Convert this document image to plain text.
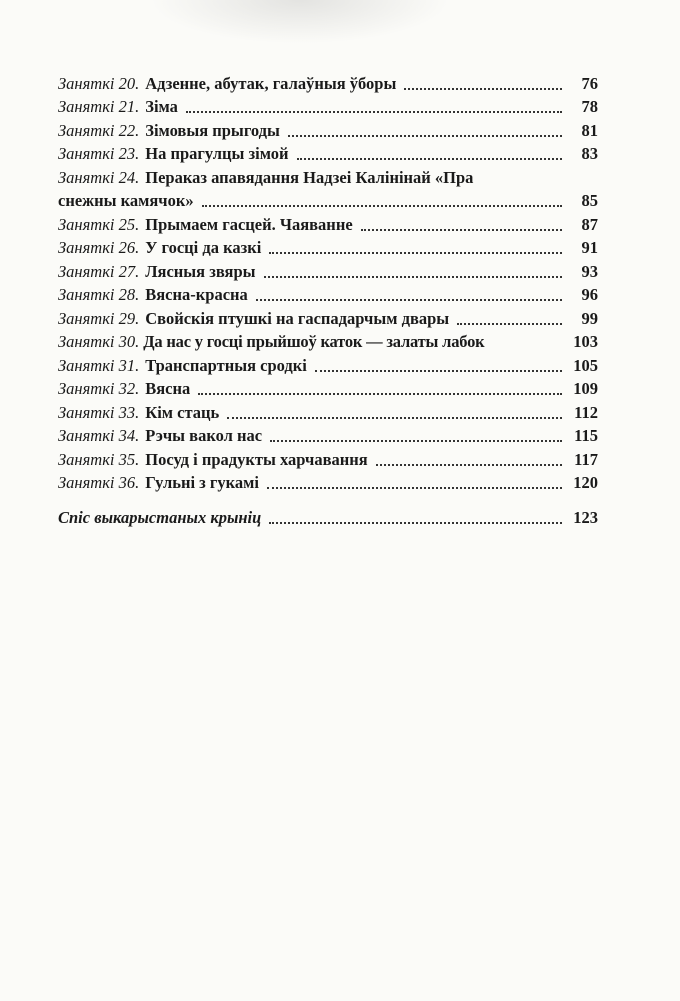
Заняткі 20. Адзенне, абутак, галаўныя ўборы	76
Заняткі 21. Зіма	78
Заняткі 22. Зімовыя прыгоды	81
Заняткі 23. На прагулцы зімой	83
Заняткі 24. Пераказ апавядання Надзеі Калінінай «Пра
снежны камячок»	85
Заняткі 25. Прымаем гасцей. Чаяванне	87
Заняткі 26. У госці да казкі	91
Заняткі 27. Лясныя звяры	93
Заняткі 28. Вясна-красна	96
Заняткі 29. Свойскія птушкі на гаспадарчым двары	99
Заняткі 30. Да нас у госці прыйшоў каток — залаты лабок	103
Заняткі 31. Транспартныя сродкі	105
Заняткі 32. Вясна	109
Заняткі 33. Кім стаць	112
Заняткі 34. Рэчы вакол нас	115
Заняткі 35. Посуд і прадукты харчавання	117
Заняткі 36. Гульні з гукамі	120
Спіс выкарыстаных крыніц	123
